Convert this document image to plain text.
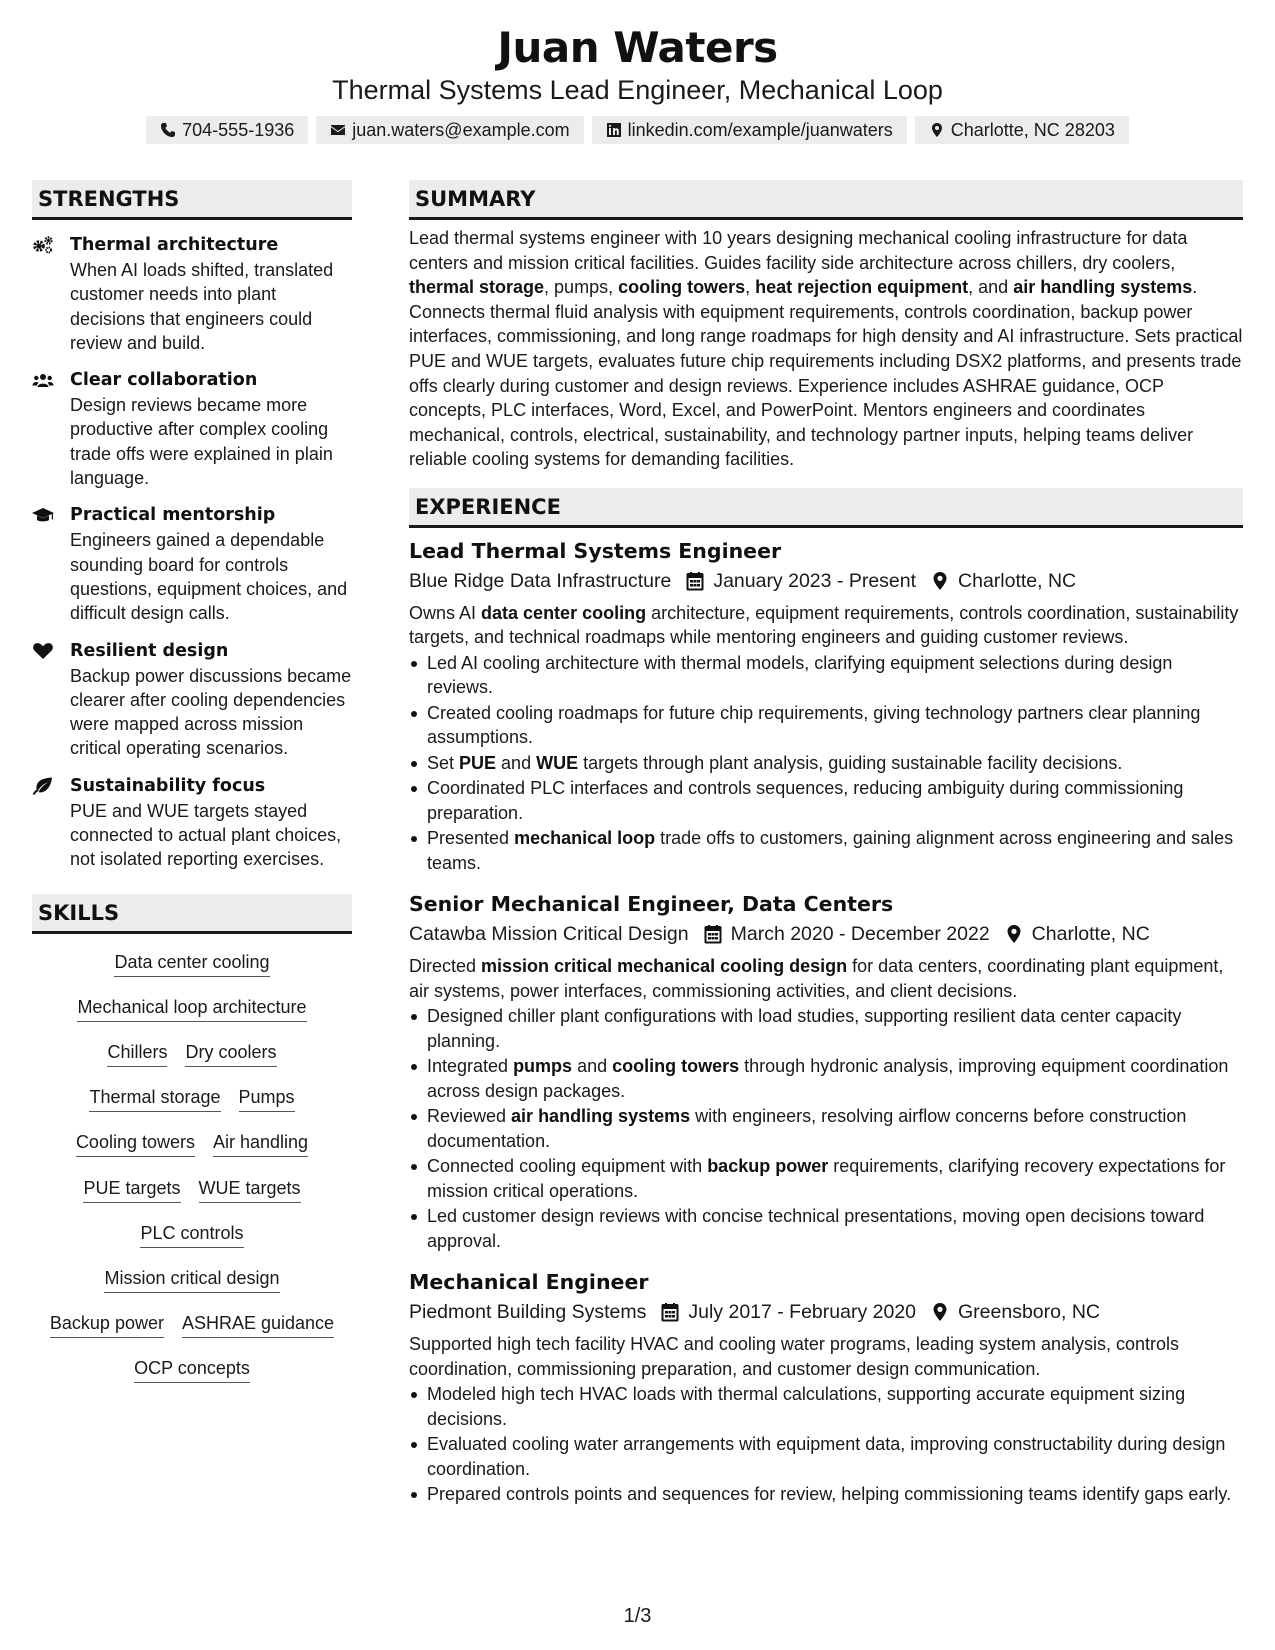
Juan Waters
Thermal Systems Lead Engineer, Mechanical Loop
704-555-1936	juan.waters@example.com	linkedin.com/example/juanwaters	Charlotte, NC 28203
STRENGTHS
Thermal architecture
When AI loads shifted, translated customer needs into plant decisions that engineers could review and build.
Clear collaboration
Design reviews became more productive after complex cooling trade offs were explained in plain language.
Practical mentorship
Engineers gained a dependable sounding board for controls questions, equipment choices, and difficult design calls.
Resilient design
Backup power discussions became clearer after cooling dependencies were mapped across mission critical operating scenarios.
Sustainability focus
PUE and WUE targets stayed connected to actual plant choices, not isolated reporting exercises.
SKILLS
Data center cooling
Mechanical loop architecture
Chillers Dry coolers
Thermal storage Pumps
Cooling towers Air handling
PUE targets WUE targets
PLC controls
Mission critical design
Backup power ASHRAE guidance
OCP concepts
SUMMARY

Lead thermal systems engineer with 10 years designing mechanical cooling infrastructure for data centers and mission critical facilities. Guides facility side architecture across chillers, dry coolers, thermal storage, pumps, cooling towers, heat rejection equipment, and air handling systems. Connects thermal fluid analysis with equipment requirements, controls coordination, backup power interfaces, commissioning, and long range roadmaps for high density and AI infrastructure. Sets practical PUE and WUE targets, evaluates future chip requirements including DSX2 platforms, and presents trade offs clearly during customer and design reviews. Experience includes ASHRAE guidance, OCP concepts, PLC interfaces, Word, Excel, and PowerPoint. Mentors engineers and coordinates mechanical, controls, electrical, sustainability, and technology partner inputs, helping teams deliver reliable cooling systems for demanding facilities.

EXPERIENCE
Lead Thermal Systems Engineer
Blue Ridge Data Infrastructure January 2023 - Present Charlotte, NC

Owns AI data center cooling architecture, equipment requirements, controls coordination, sustainability targets, and technical roadmaps while mentoring engineers and guiding customer reviews.

Led AI cooling architecture with thermal models, clarifying equipment selections during design reviews.
Created cooling roadmaps for future chip requirements, giving technology partners clear planning assumptions.
Set PUE and WUE targets through plant analysis, guiding sustainable facility decisions.
Coordinated PLC interfaces and controls sequences, reducing ambiguity during commissioning preparation.
Presented mechanical loop trade offs to customers, gaining alignment across engineering and sales teams.
Senior Mechanical Engineer, Data Centers
Catawba Mission Critical Design March 2020 - December 2022 Charlotte, NC

Directed mission critical mechanical cooling design for data centers, coordinating plant equipment, air systems, power interfaces, commissioning activities, and client decisions.

Designed chiller plant configurations with load studies, supporting resilient data center capacity planning.
Integrated pumps and cooling towers through hydronic analysis, improving equipment coordination across design packages.
Reviewed air handling systems with engineers, resolving airflow concerns before construction documentation.
Connected cooling equipment with backup power requirements, clarifying recovery expectations for mission critical operations.
Led customer design reviews with concise technical presentations, moving open decisions toward approval.
Mechanical Engineer
Piedmont Building Systems July 2017 - February 2020 Greensboro, NC

Supported high tech facility HVAC and cooling water programs, leading system analysis, controls coordination, commissioning preparation, and customer design communication.

Modeled high tech HVAC loads with thermal calculations, supporting accurate equipment sizing decisions.
Evaluated cooling water arrangements with equipment data, improving constructability during design coordination.
Prepared controls points and sequences for review, helping commissioning teams identify gaps early.
1/3
